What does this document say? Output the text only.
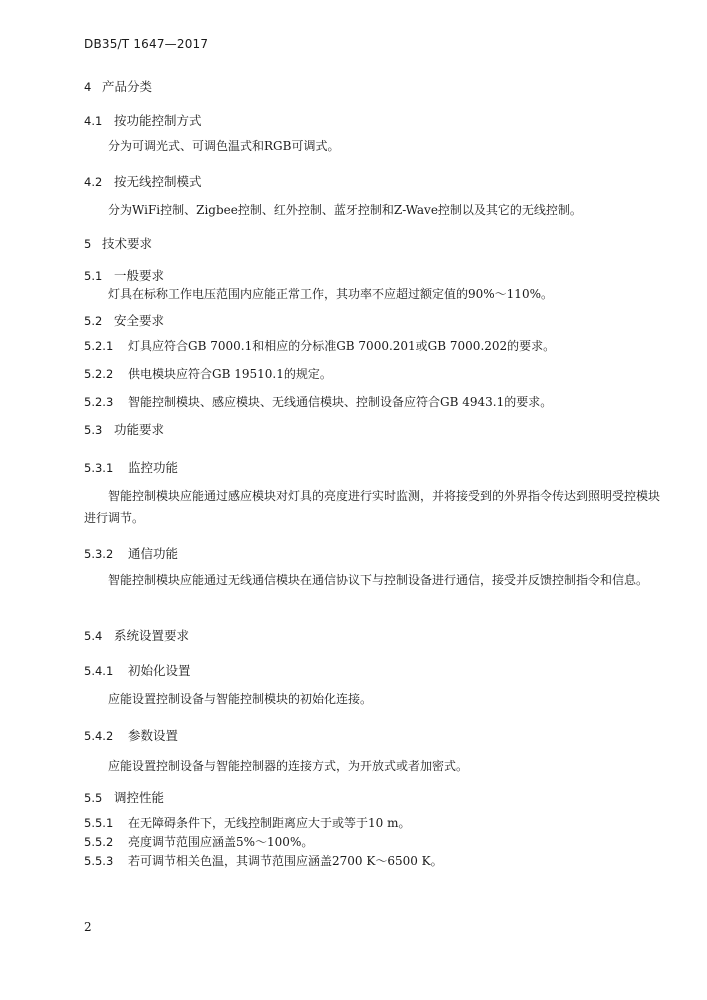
DB35/T 1647—2017
4 产品分类
4.1 按功能控制方式
分为可调光式、可调色温式和RGB可调式。
4.2 按无线控制模式
分为WiFi控制、Zigbee控制、红外控制、蓝牙控制和Z-Wave控制以及其它的无线控制。
5 技术要求
5.1 一般要求
灯具在标称工作电压范围内应能正常工作，其功率不应超过额定值的90%～110%。
5.2 安全要求
5.2.1 灯具应符合GB 7000.1和相应的分标准GB 7000.201或GB 7000.202的要求。
5.2.2 供电模块应符合GB 19510.1的规定。
5.2.3 智能控制模块、感应模块、无线通信模块、控制设备应符合GB 4943.1的要求。
5.3 功能要求
5.3.1 监控功能
智能控制模块应能通过感应模块对灯具的亮度进行实时监测，并将接受到的外界指令传达到照明受控模块进行调节。
5.3.2 通信功能
智能控制模块应能通过无线通信模块在通信协议下与控制设备进行通信，接受并反馈控制指令和信息。
5.4 系统设置要求
5.4.1 初始化设置
应能设置控制设备与智能控制模块的初始化连接。
5.4.2 参数设置
应能设置控制设备与智能控制器的连接方式，为开放式或者加密式。
5.5 调控性能
5.5.1 在无障碍条件下，无线控制距离应大于或等于10 m。
5.5.2 亮度调节范围应涵盖5%～100%。
5.5.3 若可调节相关色温，其调节范围应涵盖2700 K～6500 K。
2
